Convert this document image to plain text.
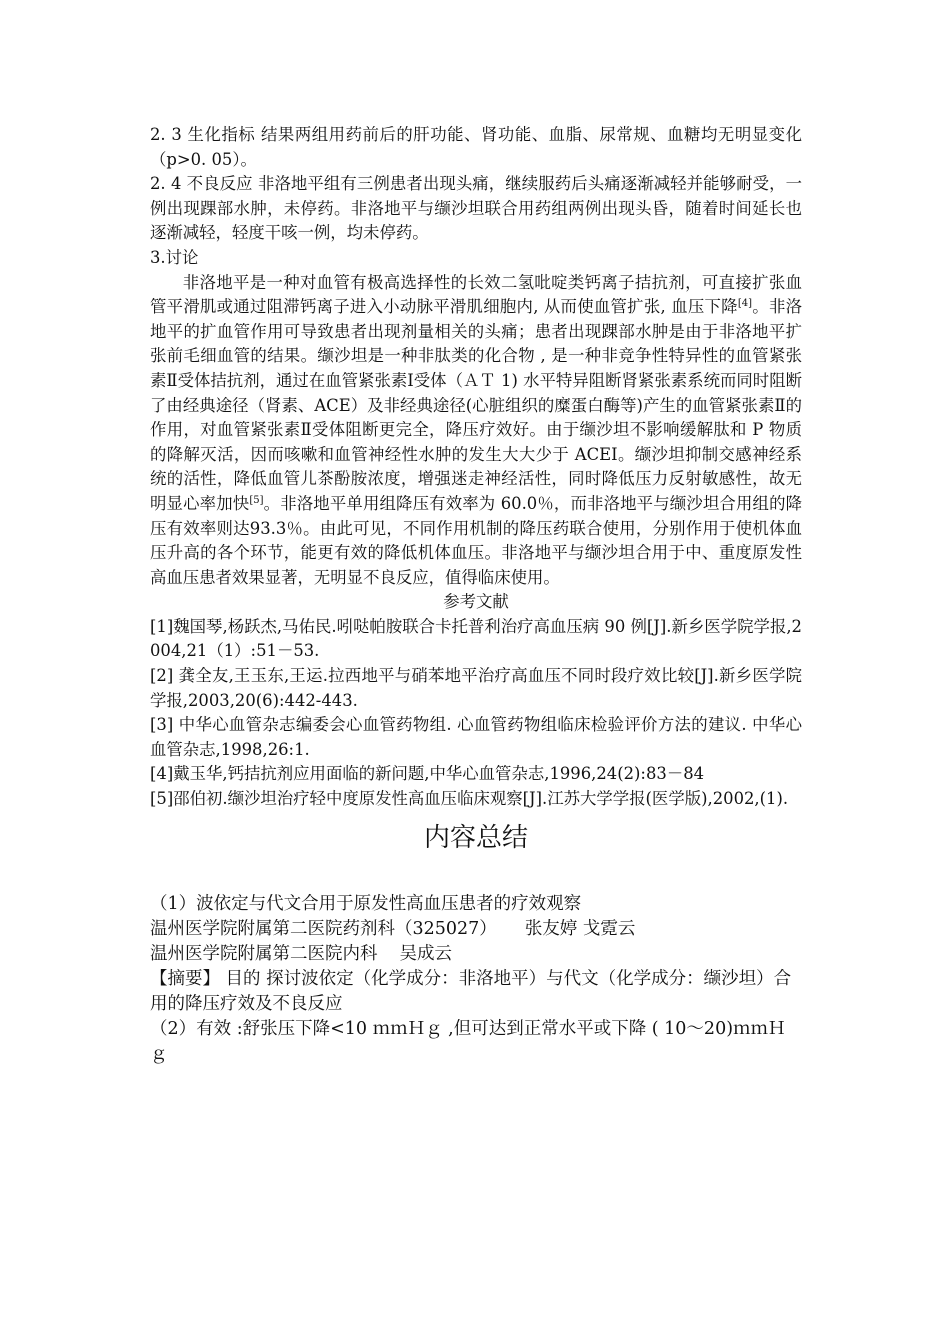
2. 3 生化指标 结果两组用药前后的肝功能、肾功能、血脂、尿常规、血糖均无明显变化（p>0. 05）。

2. 4 不良反应 非洛地平组有三例患者出现头痛，继续服药后头痛逐渐减轻并能够耐受，一例出现踝部水肿，未停药。非洛地平与缬沙坦联合用药组两例出现头昏，随着时间延长也逐渐减轻，轻度干咳一例，均未停药。

3.讨论

非洛地平是一种对血管有极高选择性的长效二氢吡啶类钙离子拮抗剂，可直接扩张血管平滑肌或通过阻滞钙离子进入小动脉平滑肌细胞内, 从而使血管扩张, 血压下降[4]。非洛地平的扩血管作用可导致患者出现剂量相关的头痛；患者出现踝部水肿是由于非洛地平扩张前毛细血管的结果。缬沙坦是一种非肽类的化合物 , 是一种非竞争性特异性的血管紧张素Ⅱ受体拮抗剂，通过在血管紧张素Ⅰ受体（ＡＴ 1) 水平特异阻断肾紧张素系统而同时阻断了由经典途径（肾素、ACE）及非经典途径(心脏组织的糜蛋白酶等)产生的血管紧张素Ⅱ的作用，对血管紧张素Ⅱ受体阻断更完全，降压疗效好。由于缬沙坦不影响缓解肽和 P 物质的降解灭活，因而咳嗽和血管神经性水肿的发生大大少于 ACEI。缬沙坦抑制交感神经系统的活性，降低血管儿茶酚胺浓度，增强迷走神经活性，同时降低压力反射敏感性，故无明显心率加快[5]。非洛地平单用组降压有效率为 60.0％，而非洛地平与缬沙坦合用组的降压有效率则达93.3％。由此可见，不同作用机制的降压药联合使用，分别作用于使机体血压升高的各个环节，能更有效的降低机体血压。非洛地平与缬沙坦合用于中、重度原发性高血压患者效果显著，无明显不良反应，值得临床使用。

参考文献

[1]魏国琴,杨跃杰,马佑民.吲哒帕胺联合卡托普利治疗高血压病 90 例[J].新乡医学院学报,2004,21（1）:51－53.

[2] 龚全友,王玉东,王运.拉西地平与硝苯地平治疗高血压不同时段疗效比较[J].新乡医学院学报,2003,20(6):442-443.

[3] 中华心血管杂志编委会心血管药物组. 心血管药物组临床检验评价方法的建议. 中华心血管杂志,1998,26:1.

[4]戴玉华,钙拮抗剂应用面临的新问题,中华心血管杂志,1996,24(2):83－84

[5]邵伯初.缬沙坦治疗轻中度原发性高血压临床观察[J].江苏大学学报(医学版),2002,(1).

内容总结

（1）波依定与代文合用于原发性高血压患者的疗效观察

温州医学院附属第二医院药剂科（325027） 张友婷 戈霓云

温州医学院附属第二医院内科 吴成云

【摘要】 目的 探讨波依定（化学成分：非洛地平）与代文（化学成分：缬沙坦）合用的降压疗效及不良反应

（2）有效 :舒张压下降<10 ｍｍＨｇ ,但可达到正常水平或下降 ( 10～20)ｍｍＨｇ
